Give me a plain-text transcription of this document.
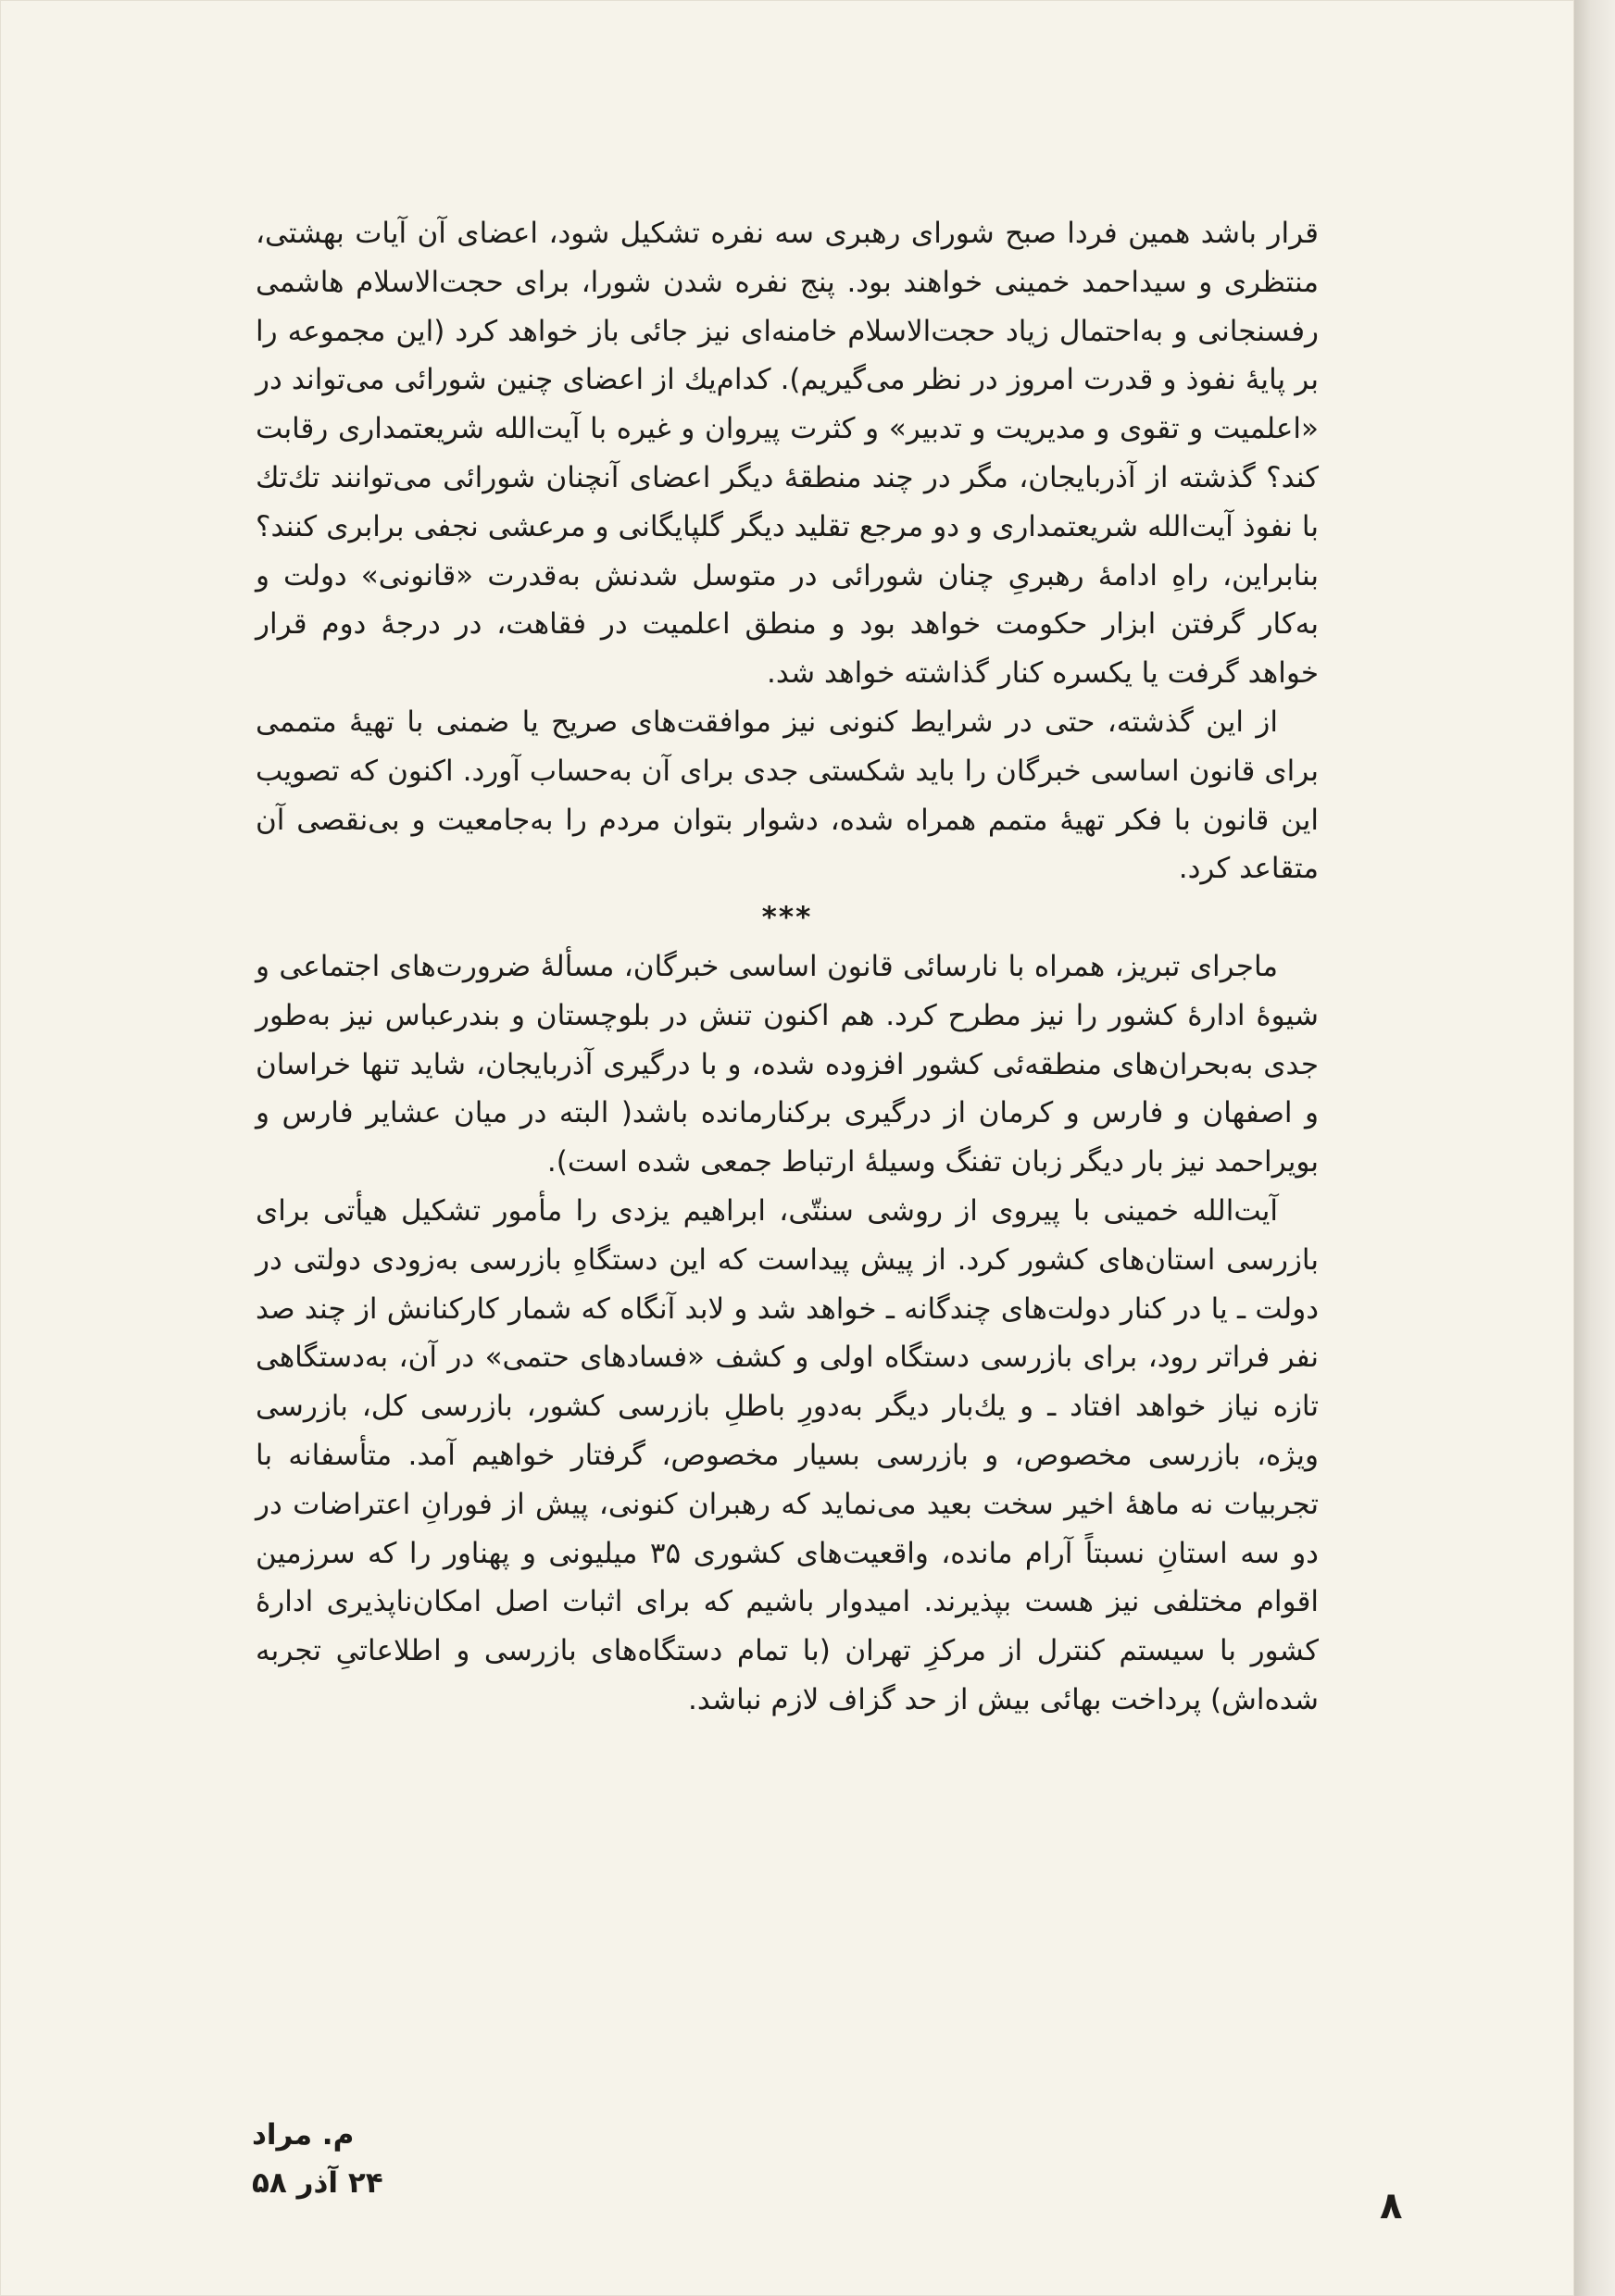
قرار باشد همین فردا صبح شورای رهبری سه نفره تشکیل شود، اعضای آن آیات بهشتی، منتظری و سیداحمد خمینی خواهند بود. پنج نفره شدن شورا، برای حجت‌الاسلام هاشمی رفسنجانی و به‌احتمال زیاد حجت‌الاسلام خامنه‌ای نیز جائی باز خواهد کرد (این مجموعه را بر پایهٔ نفوذ و قدرت امروز در نظر می‌گیریم). کدام‌یك از اعضای چنین شورائی می‌تواند در «اعلمیت و تقوی و مدیریت و تدبیر» و کثرت پیروان و غیره با آیت‌الله شریعتمداری رقابت کند؟ گذشته از آذربایجان، مگر در چند منطقهٔ دیگر اعضای آنچنان شورائی می‌توانند تك‌تك با نفوذ آیت‌الله شریعتمداری و دو مرجع تقلید دیگر گلپایگانی و مرعشی نجفی برابری کنند؟ بنابراین، راهِ ادامهٔ رهبریِ چنان شورائی در متوسل شدنش به‌قدرت «قانونی» دولت و به‌کار گرفتن ابزار حکومت خواهد بود و منطق اعلمیت در فقاهت، در درجهٔ دوم قرار خواهد گرفت یا یکسره کنار گذاشته خواهد شد.

از این گذشته، حتی در شرایط کنونی نیز موافقت‌های صریح یا ضمنی با تهیهٔ متممی برای قانون اساسی خبرگان را باید شکستی جدی برای آن به‌حساب آورد. اکنون که تصویب این قانون با فکر تهیهٔ متمم همراه شده، دشوار بتوان مردم را به‌جامعیت و بی‌نقصی آن متقاعد کرد.

***

ماجرای تبریز، همراه با نارسائی قانون اساسی خبرگان، مسألهٔ ضرورت‌های اجتماعی و شیوهٔ ادارهٔ کشور را نیز مطرح کرد. هم اکنون تنش در بلوچستان و بندرعباس نیز به‌طور جدی به‌بحران‌های منطقه‌ئی کشور افزوده شده، و با درگیری آذربایجان، شاید تنها خراسان و اصفهان و فارس و کرمان از درگیری برکنارمانده باشد( البته در میان عشایر فارس و بویراحمد نیز بار دیگر زبان تفنگ وسیلهٔ ارتباط جمعی شده است).

آیت‌الله خمینی با پیروی از روشی سنتّی، ابراهیم یزدی را مأمور تشکیل هیأتی برای بازرسی استان‌های کشور کرد. از پیش پیداست که این دستگاهِ بازرسی به‌زودی دولتی در دولت ـ یا در کنار دولت‌های چندگانه ـ خواهد شد و لابد آنگاه که شمار کارکنانش از چند صد نفر فراتر رود، برای بازرسی دستگاه اولی و کشف «فسادهای حتمی» در آن، به‌دستگاهی تازه نیاز خواهد افتاد ـ و یك‌بار دیگر به‌دورِ باطلِ بازرسی کشور، بازرسی کل، بازرسی ویژه، بازرسی مخصوص، و بازرسی بسیار مخصوص، گرفتار خواهیم آمد. متأسفانه با تجربیات نه ماههٔ اخیر سخت بعید می‌نماید که رهبران کنونی، پیش از فورانِ اعتراضات در دو سه استانِ نسبتاً آرام مانده، واقعیت‌های کشوری ۳۵ میلیونی و پهناور را که سرزمین اقوام مختلفی نیز هست بپذیرند. امیدوار باشیم که برای اثبات اصل امکان‌ناپذیری ادارهٔ کشور با سیستم کنترل از مرکزِ تهران (با تمام دستگاه‌های بازرسی و اطلاعاتیِ تجربه شده‌اش) پرداخت بهائی بیش از حد گزاف لازم نباشد.

م. مراد
۲۴ آذر ۵۸
۸
